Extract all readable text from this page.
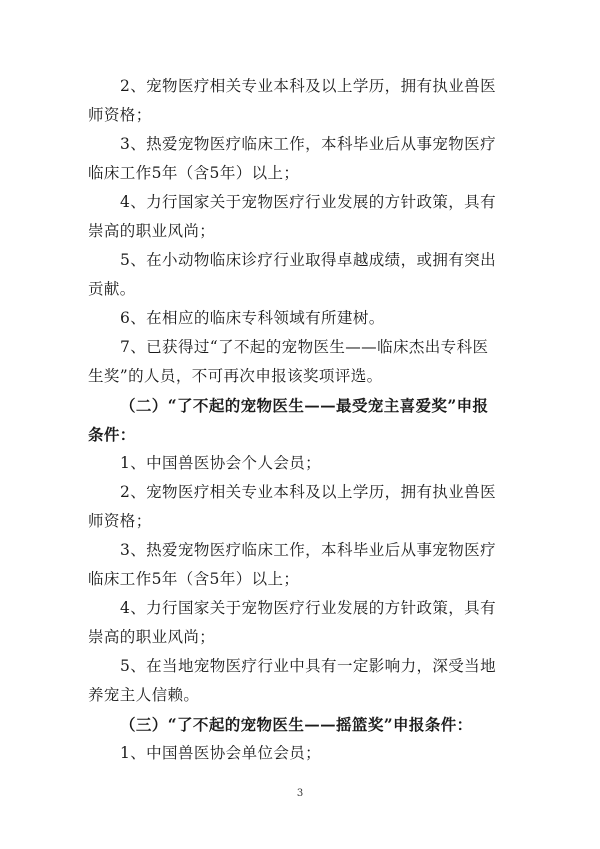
2、宠物医疗相关专业本科及以上学历，拥有执业兽医
师资格；
3、热爱宠物医疗临床工作，本科毕业后从事宠物医疗
临床工作5年（含5年）以上；
4、力行国家关于宠物医疗行业发展的方针政策，具有
崇高的职业风尚；
5、在小动物临床诊疗行业取得卓越成绩，或拥有突出
贡献。
6、在相应的临床专科领域有所建树。
7、已获得过“了不起的宠物医生——临床杰出专科医
生奖”的人员，不可再次申报该奖项评选。
（二）“了不起的宠物医生——最受宠主喜爱奖”申报
条件：
1、中国兽医协会个人会员；
2、宠物医疗相关专业本科及以上学历，拥有执业兽医
师资格；
3、热爱宠物医疗临床工作，本科毕业后从事宠物医疗
临床工作5年（含5年）以上；
4、力行国家关于宠物医疗行业发展的方针政策，具有
崇高的职业风尚；
5、在当地宠物医疗行业中具有一定影响力，深受当地
养宠主人信赖。
（三）“了不起的宠物医生——摇篮奖”申报条件：
1、中国兽医协会单位会员；
3
